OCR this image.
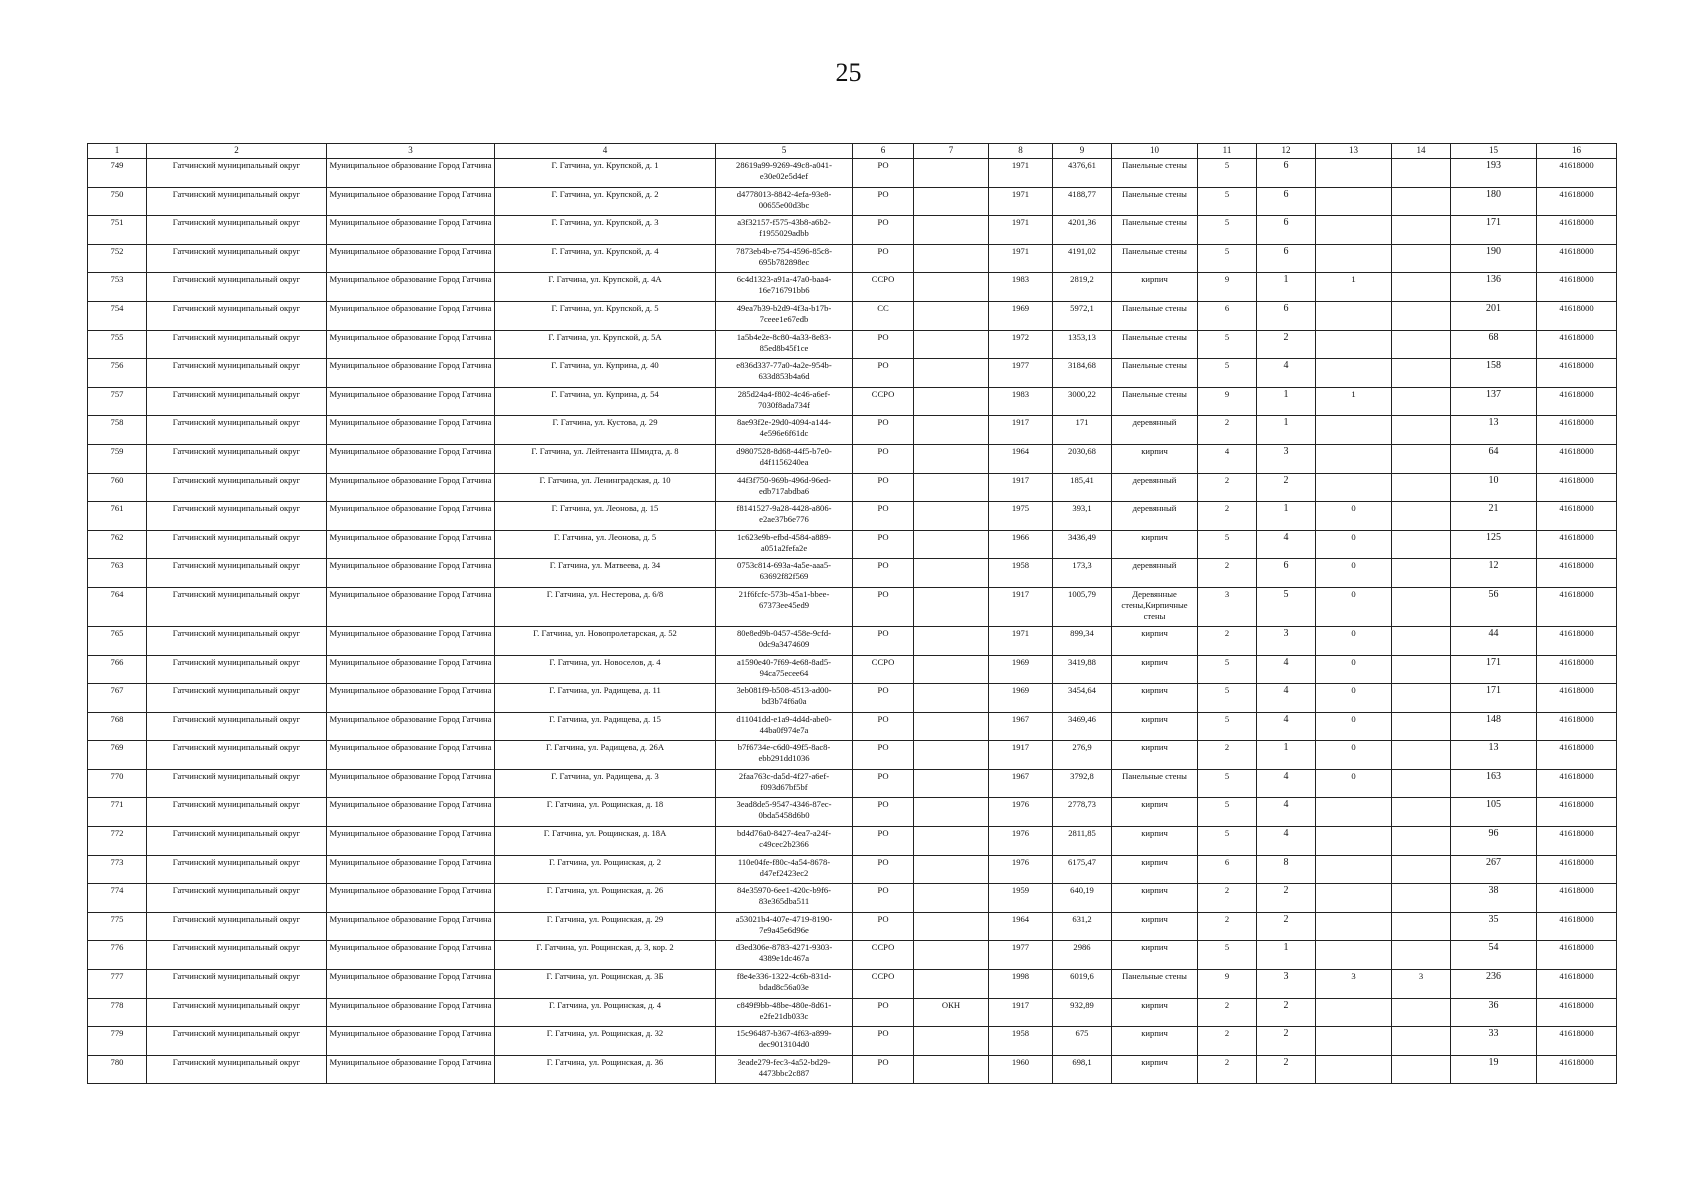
25
1	2	3	4	5	6	7	8	9	10	11	12	13	14	15	16
749	Гатчинский муниципальный округ	Муниципальное образование Город Гатчина	Г. Гатчина, ул. Крупской, д. 1	28619a99-9269-49c8-a041-e30e02e5d4ef	РО		1971	4376,61	Панельные стены	5	6			193	41618000
750	Гатчинский муниципальный округ	Муниципальное образование Город Гатчина	Г. Гатчина, ул. Крупской, д. 2	d4778013-8842-4efa-93e8-00655e00d3bc	РО		1971	4188,77	Панельные стены	5	6			180	41618000
751	Гатчинский муниципальный округ	Муниципальное образование Город Гатчина	Г. Гатчина, ул. Крупской, д. 3	a3f32157-f575-43b8-a6b2-f1955029adbb	РО		1971	4201,36	Панельные стены	5	6			171	41618000
752	Гатчинский муниципальный округ	Муниципальное образование Город Гатчина	Г. Гатчина, ул. Крупской, д. 4	7873eb4b-e754-4596-85c8-695b782898ec	РО		1971	4191,02	Панельные стены	5	6			190	41618000
753	Гатчинский муниципальный округ	Муниципальное образование Город Гатчина	Г. Гатчина, ул. Крупской, д. 4А	6c4d1323-a91a-47a0-baa4-16e716791bb6	ССРО		1983	2819,2	кирпич	9	1	1		136	41618000
754	Гатчинский муниципальный округ	Муниципальное образование Город Гатчина	Г. Гатчина, ул. Крупской, д. 5	49ea7b39-b2d9-4f3a-b17b-7ceee1e67edb	СС		1969	5972,1	Панельные стены	6	6			201	41618000
755	Гатчинский муниципальный округ	Муниципальное образование Город Гатчина	Г. Гатчина, ул. Крупской, д. 5А	1a5b4e2e-8c80-4a33-8e83-85ed8b45f1ce	РО		1972	1353,13	Панельные стены	5	2			68	41618000
756	Гатчинский муниципальный округ	Муниципальное образование Город Гатчина	Г. Гатчина, ул. Куприна, д. 40	e836d337-77a0-4a2e-954b-633d853b4a6d	РО		1977	3184,68	Панельные стены	5	4			158	41618000
757	Гатчинский муниципальный округ	Муниципальное образование Город Гатчина	Г. Гатчина, ул. Куприна, д. 54	285d24a4-f802-4c46-a6ef-7030f8ada734f	ССРО		1983	3000,22	Панельные стены	9	1	1		137	41618000
758	Гатчинский муниципальный округ	Муниципальное образование Город Гатчина	Г. Гатчина, ул. Кустова, д. 29	8ae93f2e-29d0-4094-a144-4e596e6f61dc	РО		1917	171	деревянный	2	1			13	41618000
759	Гатчинский муниципальный округ	Муниципальное образование Город Гатчина	Г. Гатчина, ул. Лейтенанта Шмидта, д. 8	d9807528-8d68-44f5-b7e0-d4f1156240ea	РО		1964	2030,68	кирпич	4	3			64	41618000
760	Гатчинский муниципальный округ	Муниципальное образование Город Гатчина	Г. Гатчина, ул. Ленинградская, д. 10	44f3f750-969b-496d-96ed-edb717abdba6	РО		1917	185,41	деревянный	2	2			10	41618000
761	Гатчинский муниципальный округ	Муниципальное образование Город Гатчина	Г. Гатчина, ул. Леонова, д. 15	f8141527-9a28-4428-a806-e2ae37b6e776	РО		1975	393,1	деревянный	2	1	0		21	41618000
762	Гатчинский муниципальный округ	Муниципальное образование Город Гатчина	Г. Гатчина, ул. Леонова, д. 5	1c623e9b-efbd-4584-a889-a051a2fefa2e	РО		1966	3436,49	кирпич	5	4	0		125	41618000
763	Гатчинский муниципальный округ	Муниципальное образование Город Гатчина	Г. Гатчина, ул. Матвеева, д. 34	0753c814-693a-4a5e-aaa5-63692f82f569	РО		1958	173,3	деревянный	2	6	0		12	41618000
764	Гатчинский муниципальный округ	Муниципальное образование Город Гатчина	Г. Гатчина, ул. Нестерова, д. 6/8	21f6fcfc-573b-45a1-bbee-67373ee45ed9	РО		1917	1005,79	Деревянные стены,Кирпичные стены	3	5	0		56	41618000
765	Гатчинский муниципальный округ	Муниципальное образование Город Гатчина	Г. Гатчина, ул. Новопролетарская, д. 52	80e8ed9b-0457-458e-9cfd-0dc9a3474609	РО		1971	899,34	кирпич	2	3	0		44	41618000
766	Гатчинский муниципальный округ	Муниципальное образование Город Гатчина	Г. Гатчина, ул. Новоселов, д. 4	a1590e40-7f69-4e68-8ad5-94ca75ecee64	ССРО		1969	3419,88	кирпич	5	4	0		171	41618000
767	Гатчинский муниципальный округ	Муниципальное образование Город Гатчина	Г. Гатчина, ул. Радищева, д. 11	3eb081f9-b508-4513-ad00-bd3b74f6a0a	РО		1969	3454,64	кирпич	5	4	0		171	41618000
768	Гатчинский муниципальный округ	Муниципальное образование Город Гатчина	Г. Гатчина, ул. Радищева, д. 15	d11041dd-e1a9-4d4d-abe0-44ba0f974e7a	РО		1967	3469,46	кирпич	5	4	0		148	41618000
769	Гатчинский муниципальный округ	Муниципальное образование Город Гатчина	Г. Гатчина, ул. Радищева, д. 26А	b7f6734e-c6d0-49f5-8ac8-ebb291dd1036	РО		1917	276,9	кирпич	2	1	0		13	41618000
770	Гатчинский муниципальный округ	Муниципальное образование Город Гатчина	Г. Гатчина, ул. Радищева, д. 3	2faa763c-da5d-4f27-a6ef-f093d67bf5bf	РО		1967	3792,8	Панельные стены	5	4	0		163	41618000
771	Гатчинский муниципальный округ	Муниципальное образование Город Гатчина	Г. Гатчина, ул. Рощинская, д. 18	3ead8de5-9547-4346-87ec-0bda5458d6b0	РО		1976	2778,73	кирпич	5	4			105	41618000
772	Гатчинский муниципальный округ	Муниципальное образование Город Гатчина	Г. Гатчина, ул. Рощинская, д. 18А	bd4d76a0-8427-4ea7-a24f-c49cec2b2366	РО		1976	2811,85	кирпич	5	4			96	41618000
773	Гатчинский муниципальный округ	Муниципальное образование Город Гатчина	Г. Гатчина, ул. Рощинская, д. 2	110e04fe-f80c-4a54-8678-d47ef2423ec2	РО		1976	6175,47	кирпич	6	8			267	41618000
774	Гатчинский муниципальный округ	Муниципальное образование Город Гатчина	Г. Гатчина, ул. Рощинская, д. 26	84e35970-6ee1-420c-b9f6-83e365dba511	РО		1959	640,19	кирпич	2	2			38	41618000
775	Гатчинский муниципальный округ	Муниципальное образование Город Гатчина	Г. Гатчина, ул. Рощинская, д. 29	a53021b4-407e-4719-8190-7e9a45e6d96e	РО		1964	631,2	кирпич	2	2			35	41618000
776	Гатчинский муниципальный округ	Муниципальное образование Город Гатчина	Г. Гатчина, ул. Рощинская, д. 3, кор. 2	d3ed306e-8783-4271-9303-4389e1dc467a	ССРО		1977	2986	кирпич	5	1			54	41618000
777	Гатчинский муниципальный округ	Муниципальное образование Город Гатчина	Г. Гатчина, ул. Рощинская, д. 3Б	f8e4e336-1322-4c6b-831d-bdad8c56a03e	ССРО		1998	6019,6	Панельные стены	9	3	3	3	236	41618000
778	Гатчинский муниципальный округ	Муниципальное образование Город Гатчина	Г. Гатчина, ул. Рощинская, д. 4	c849f9bb-48be-480e-8d61-e2fe21db033c	РО	ОКН	1917	932,89	кирпич	2	2			36	41618000
779	Гатчинский муниципальный округ	Муниципальное образование Город Гатчина	Г. Гатчина, ул. Рощинская, д. 32	15c96487-b367-4f63-a899-dec9013104d0	РО		1958	675	кирпич	2	2			33	41618000
780	Гатчинский муниципальный округ	Муниципальное образование Город Гатчина	Г. Гатчина, ул. Рощинская, д. 36	3eade279-fec3-4a52-bd29-4473bbc2c887	РО		1960	698,1	кирпич	2	2			19	41618000
